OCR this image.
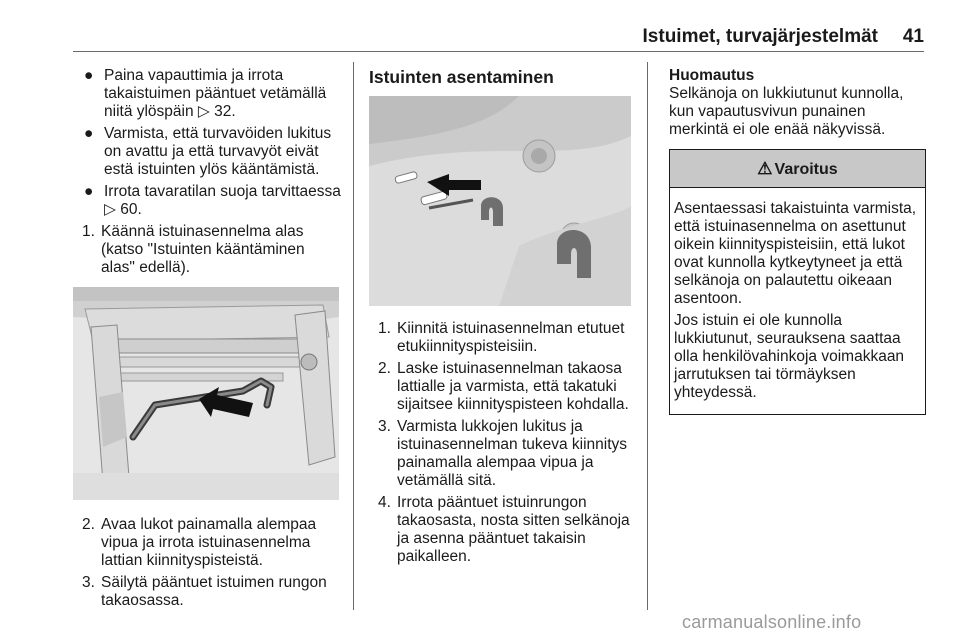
Istuimet, turvajärjestelmät 41
● Paina vapauttimia ja irrota takaistuimen pääntuet vetämällä niitä ylöspäin ▷ 32.
● Varmista, että turvavöiden lukitus on avattu ja että turvavyöt eivät estä istuinten ylös kääntämistä.
● Irrota tavaratilan suoja tarvittaessa ▷ 60.
1. Käännä istuinasennelma alas (katso "Istuinten kääntäminen alas" edellä).
2. Avaa lukot painamalla alempaa vipua ja irrota istuinasennelma lattian kiinnityspisteistä.
3. Säilytä pääntuet istuimen rungon takaosassa.
Istuinten asentaminen
1. Kiinnitä istuinasennelman etutuet etukiinnityspisteisiin.
2. Laske istuinasennelman takaosa lattialle ja varmista, että takatuki sijaitsee kiinnityspisteen kohdalla.
3. Varmista lukkojen lukitus ja istuinasennelman tukeva kiinnitys painamalla alempaa vipua ja vetämällä sitä.
4. Irrota pääntuet istuinrungon takaosasta, nosta sitten selkänoja ja asenna pääntuet takaisin paikalleen.
Huomautus
Selkänoja on lukkiutunut kunnolla, kun vapautusvivun punainen merkintä ei ole enää näkyvissä.
⚠ Varoitus

Asentaessasi takaistuinta varmista, että istuinasennelma on asettunut oikein kiinnityspisteisiin, että lukot ovat kunnolla kytkeytyneet ja että selkänoja on palautettu oikeaan asentoon.

Jos istuin ei ole kunnolla lukkiutunut, seurauksena saattaa olla henkilövahinkoja voimakkaan jarrutuksen tai törmäyksen yhteydessä.

carmanualsonline.info
